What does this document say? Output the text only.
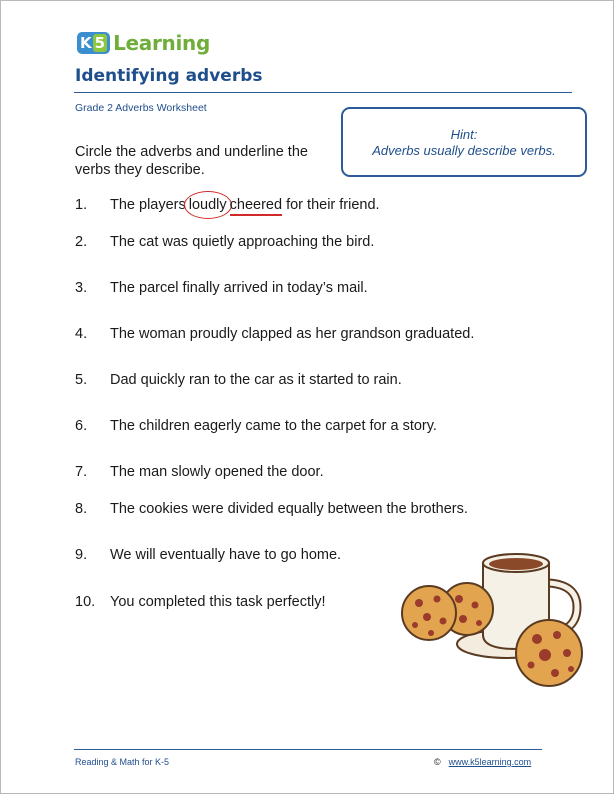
K 5 Learning
Identifying adverbs
Grade 2 Adverbs Worksheet
Hint:
Adverbs usually describe verbs.
Circle the adverbs and underline the verbs they describe.
1. The players loudly cheered for their friend.
2. The cat was quietly approaching the bird.
3. The parcel finally arrived in today’s mail.
4. The woman proudly clapped as her grandson graduated.
5. Dad quickly ran to the car as it started to rain.
6. The children eagerly came to the carpet for a story.
7. The man slowly opened the door.
8. The cookies were divided equally between the brothers.
9. We will eventually have to go home.
10. You completed this task perfectly!
Reading & Math for K-5	© www.k5learning.com
